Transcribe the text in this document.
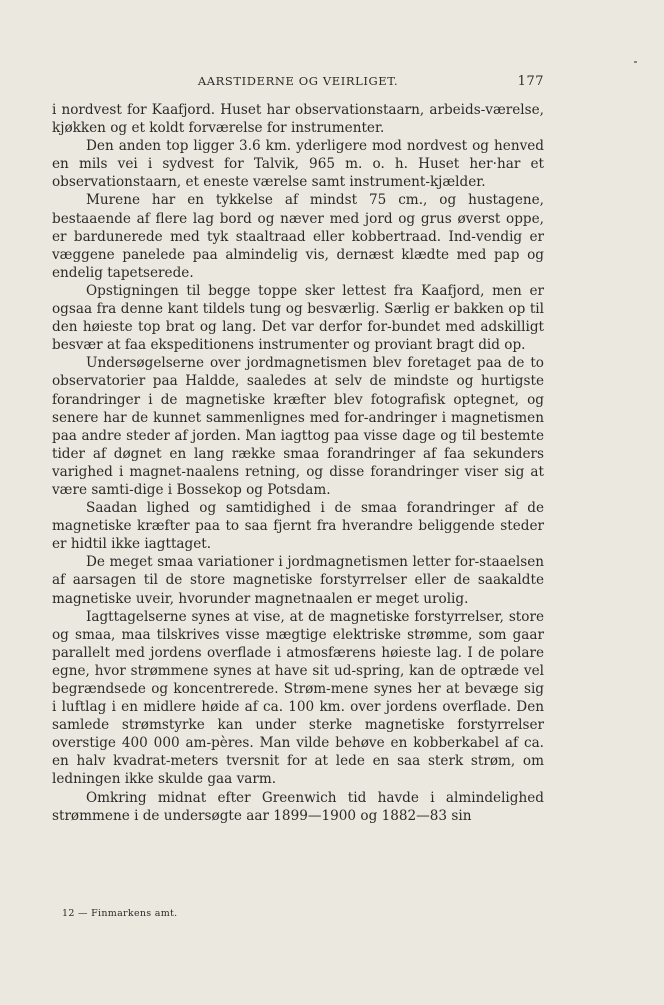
AARSTIDERNE OG VEIRLIGET.	177

i nordvest for Kaafjord. Huset har observationstaarn, arbeids-værelse, kjøkken og et koldt forværelse for instrumenter.

Den anden top ligger 3.6 km. yderligere mod nordvest og henved en mils vei i sydvest for Talvik, 965 m. o. h. Huset her·har et observationstaarn, et eneste værelse samt instrument-kjælder.

Murene har en tykkelse af mindst 75 cm., og hustagene, bestaaende af flere lag bord og næver med jord og grus øverst oppe, er bardunerede med tyk staaltraad eller kobbertraad. Ind-vendig er væggene panelede paa almindelig vis, dernæst klædte med pap og endelig tapetserede.

Opstigningen til begge toppe sker lettest fra Kaafjord, men er ogsaa fra denne kant tildels tung og besværlig. Særlig er bakken op til den høieste top brat og lang. Det var derfor for-bundet med adskilligt besvær at faa ekspeditionens instrumenter og proviant bragt did op.

Undersøgelserne over jordmagnetismen blev foretaget paa de to observatorier paa Haldde, saaledes at selv de mindste og hurtigste forandringer i de magnetiske kræfter blev fotografisk optegnet, og senere har de kunnet sammenlignes med for-andringer i magnetismen paa andre steder af jorden. Man iagttog paa visse dage og til bestemte tider af døgnet en lang række smaa forandringer af faa sekunders varighed i magnet-naalens retning, og disse forandringer viser sig at være samti-dige i Bossekop og Potsdam.

Saadan lighed og samtidighed i de smaa forandringer af de magnetiske kræfter paa to saa fjernt fra hverandre beliggende steder er hidtil ikke iagttaget.

De meget smaa variationer i jordmagnetismen letter for-staaelsen af aarsagen til de store magnetiske forstyrrelser eller de saakaldte magnetiske uveir, hvorunder magnetnaalen er meget urolig.

Iagttagelserne synes at vise, at de magnetiske forstyrrelser, store og smaa, maa tilskrives visse mægtige elektriske strømme, som gaar parallelt med jordens overflade i atmosfærens høieste lag. I de polare egne, hvor strømmene synes at have sit ud-spring, kan de optræde vel begrændsede og koncentrerede. Strøm-mene synes her at bevæge sig i luftlag i en midlere høide af ca. 100 km. over jordens overflade. Den samlede strømstyrke kan under sterke magnetiske forstyrrelser overstige 400 000 am-pères. Man vilde behøve en kobberkabel af ca. en halv kvadrat-meters tversnit for at lede en saa sterk strøm, om ledningen ikke skulde gaa varm.

Omkring midnat efter Greenwich tid havde i almindelighed strømmene i de undersøgte aar 1899—1900 og 1882—83 sin

12 — Finmarkens amt.
